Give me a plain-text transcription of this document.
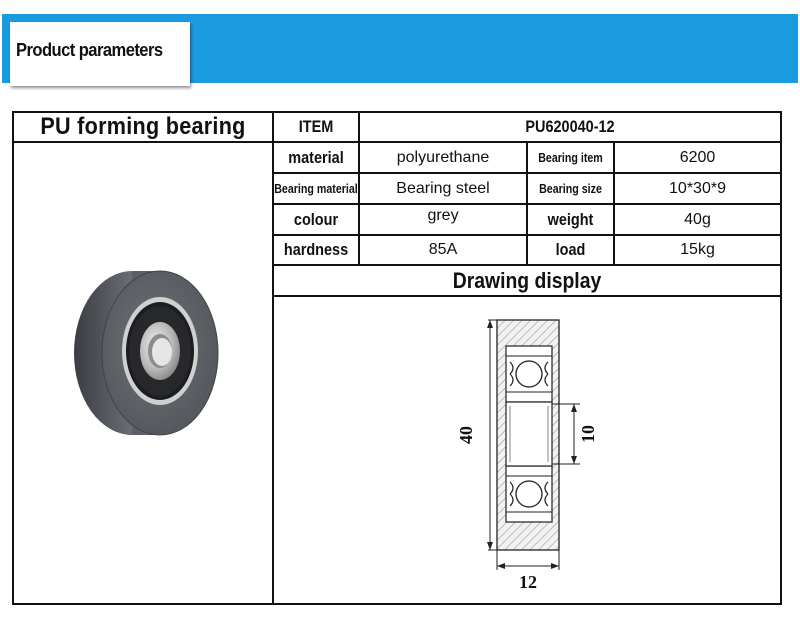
Product parameters
PU forming bearing	ITEM	PU620040-12
material	polyurethane	Bearing item	6200
Bearing material	Bearing steel	Bearing size	10*30*9
colour	grey	weight	40g
hardness	85A	load	15kg
Drawing display
40	10
12
